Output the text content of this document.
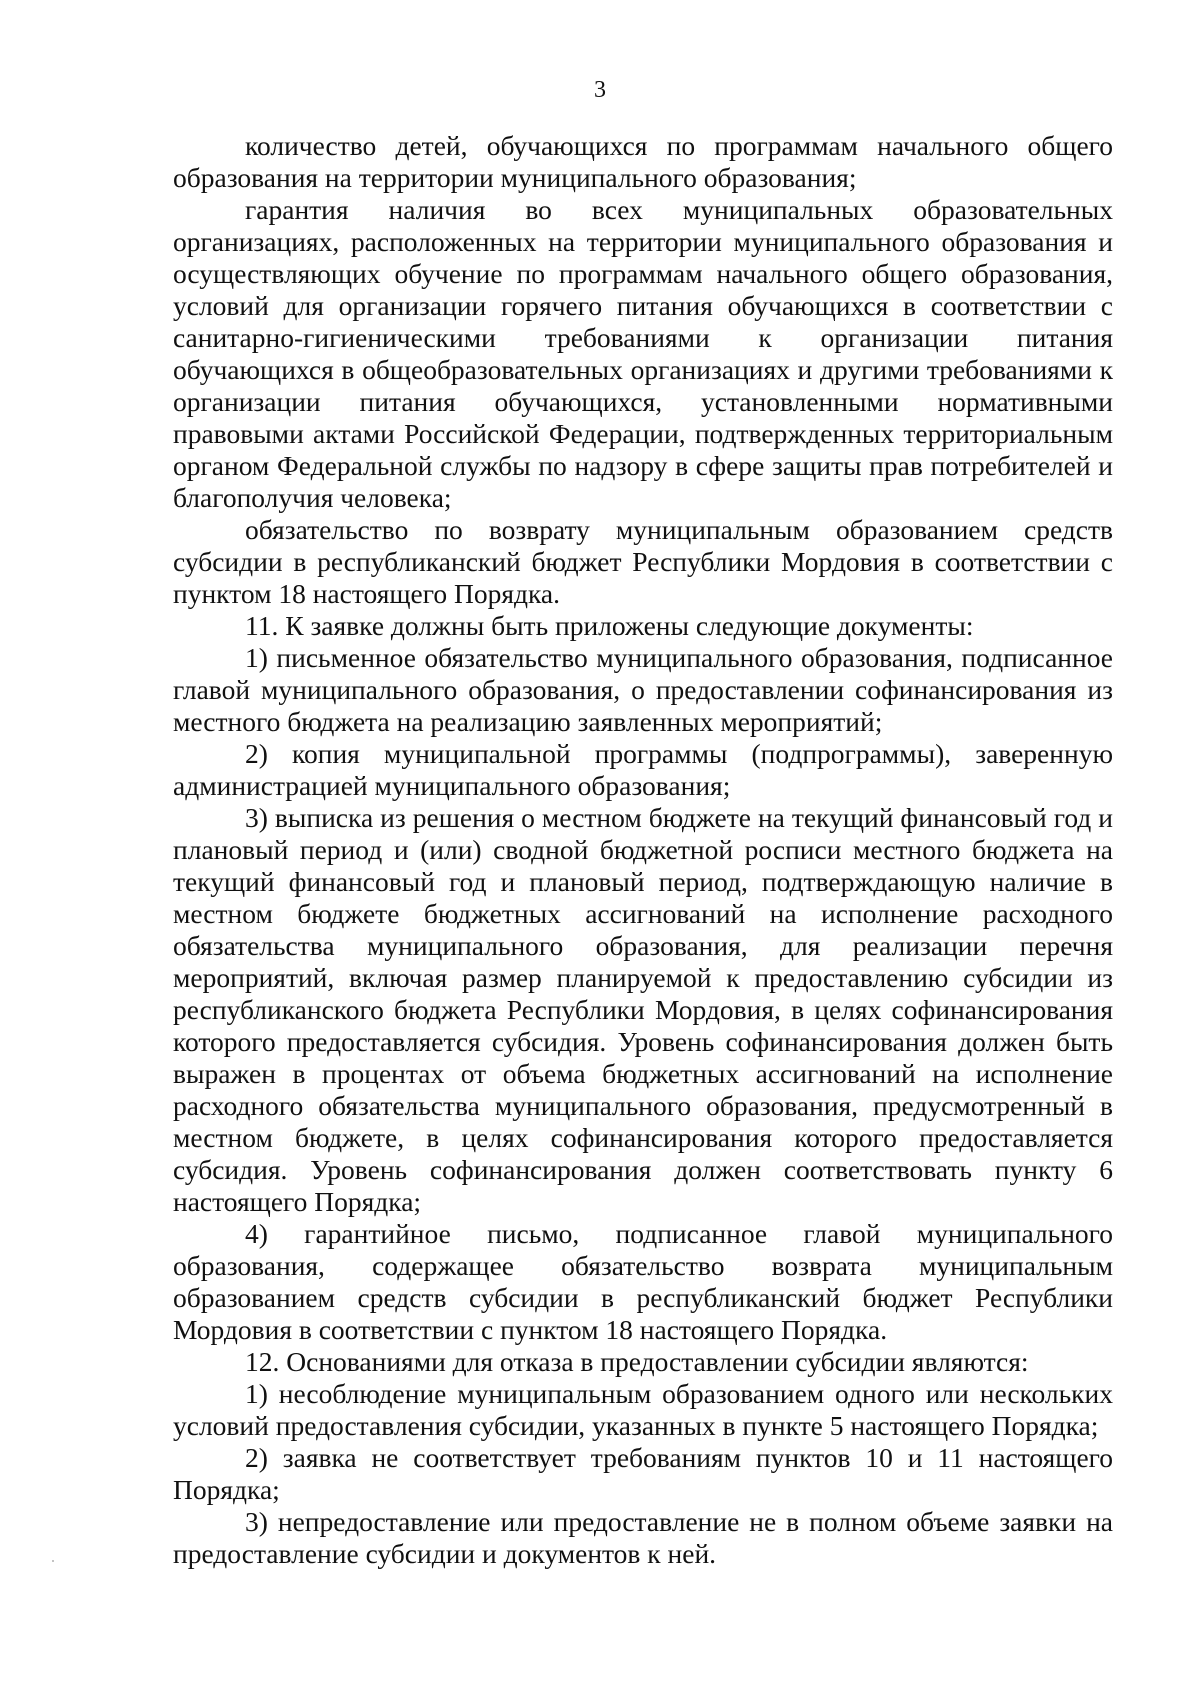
3

количество детей, обучающихся по программам начального общего образования на территории муниципального образования;

гарантия наличия во всех муниципальных образовательных организациях, расположенных на территории муниципального образования и осуществляющих обучение по программам начального общего образования, условий для организации горячего питания обучающихся в соответствии с санитарно-гигиеническими требованиями к организации питания обучающихся в общеобразовательных организациях и другими требованиями к организации питания обучающихся, установленными нормативными правовыми актами Российской Федерации, подтвержденных территориальным органом Федеральной службы по надзору в сфере защиты прав потребителей и благополучия человека;

обязательство по возврату муниципальным образованием средств субсидии в республиканский бюджет Республики Мордовия в соответствии с пунктом 18 настоящего Порядка.

11. К заявке должны быть приложены следующие документы:

1) письменное обязательство муниципального образования, подписанное главой муниципального образования, о предоставлении софинансирования из местного бюджета на реализацию заявленных мероприятий;

2) копия муниципальной программы (подпрограммы), заверенную администрацией муниципального образования;

3) выписка из решения о местном бюджете на текущий финансовый год и плановый период и (или) сводной бюджетной росписи местного бюджета на текущий финансовый год и плановый период, подтверждающую наличие в местном бюджете бюджетных ассигнований на исполнение расходного обязательства муниципального образования, для реализации перечня мероприятий, включая размер планируемой к предоставлению субсидии из республиканского бюджета Республики Мордовия, в целях софинансирования которого предоставляется субсидия. Уровень софинансирования должен быть выражен в процентах от объема бюджетных ассигнований на исполнение расходного обязательства муниципального образования, предусмотренный в местном бюджете, в целях софинансирования которого предоставляется субсидия. Уровень софинансирования должен соответствовать пункту 6 настоящего Порядка;

4) гарантийное письмо, подписанное главой муниципального образования, содержащее обязательство возврата муниципальным образованием средств субсидии в республиканский бюджет Республики Мордовия в соответствии с пунктом 18 настоящего Порядка.

12. Основаниями для отказа в предоставлении субсидии являются:

1) несоблюдение муниципальным образованием одного или нескольких условий предоставления субсидии, указанных в пункте 5 настоящего Порядка;

2) заявка не соответствует требованиям пунктов 10 и 11 настоящего Порядка;

3) непредоставление или предоставление не в полном объеме заявки на предоставление субсидии и документов к ней.
